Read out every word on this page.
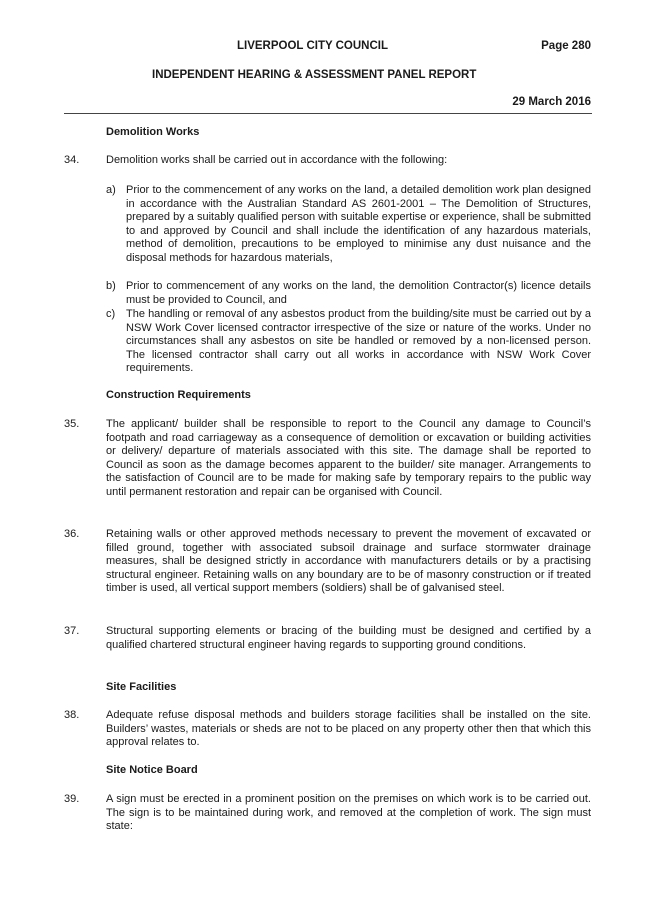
LIVERPOOL CITY COUNCIL	Page 280
INDEPENDENT HEARING & ASSESSMENT PANEL REPORT
29 March 2016
Demolition Works
34. Demolition works shall be carried out in accordance with the following:
a) Prior to the commencement of any works on the land, a detailed demolition work plan designed in accordance with the Australian Standard AS 2601-2001 – The Demolition of Structures, prepared by a suitably qualified person with suitable expertise or experience, shall be submitted to and approved by Council and shall include the identification of any hazardous materials, method of demolition, precautions to be employed to minimise any dust nuisance and the disposal methods for hazardous materials,
b) Prior to commencement of any works on the land, the demolition Contractor(s) licence details must be provided to Council, and
c) The handling or removal of any asbestos product from the building/site must be carried out by a NSW Work Cover licensed contractor irrespective of the size or nature of the works. Under no circumstances shall any asbestos on site be handled or removed by a non-licensed person. The licensed contractor shall carry out all works in accordance with NSW Work Cover requirements.
Construction Requirements
35. The applicant/ builder shall be responsible to report to the Council any damage to Council’s footpath and road carriageway as a consequence of demolition or excavation or building activities or delivery/ departure of materials associated with this site. The damage shall be reported to Council as soon as the damage becomes apparent to the builder/ site manager. Arrangements to the satisfaction of Council are to be made for making safe by temporary repairs to the public way until permanent restoration and repair can be organised with Council.
36. Retaining walls or other approved methods necessary to prevent the movement of excavated or filled ground, together with associated subsoil drainage and surface stormwater drainage measures, shall be designed strictly in accordance with manufacturers details or by a practising structural engineer. Retaining walls on any boundary are to be of masonry construction or if treated timber is used, all vertical support members (soldiers) shall be of galvanised steel.
37. Structural supporting elements or bracing of the building must be designed and certified by a qualified chartered structural engineer having regards to supporting ground conditions.
Site Facilities
38. Adequate refuse disposal methods and builders storage facilities shall be installed on the site. Builders’ wastes, materials or sheds are not to be placed on any property other then that which this approval relates to.
Site Notice Board
39. A sign must be erected in a prominent position on the premises on which work is to be carried out. The sign is to be maintained during work, and removed at the completion of work. The sign must state:
